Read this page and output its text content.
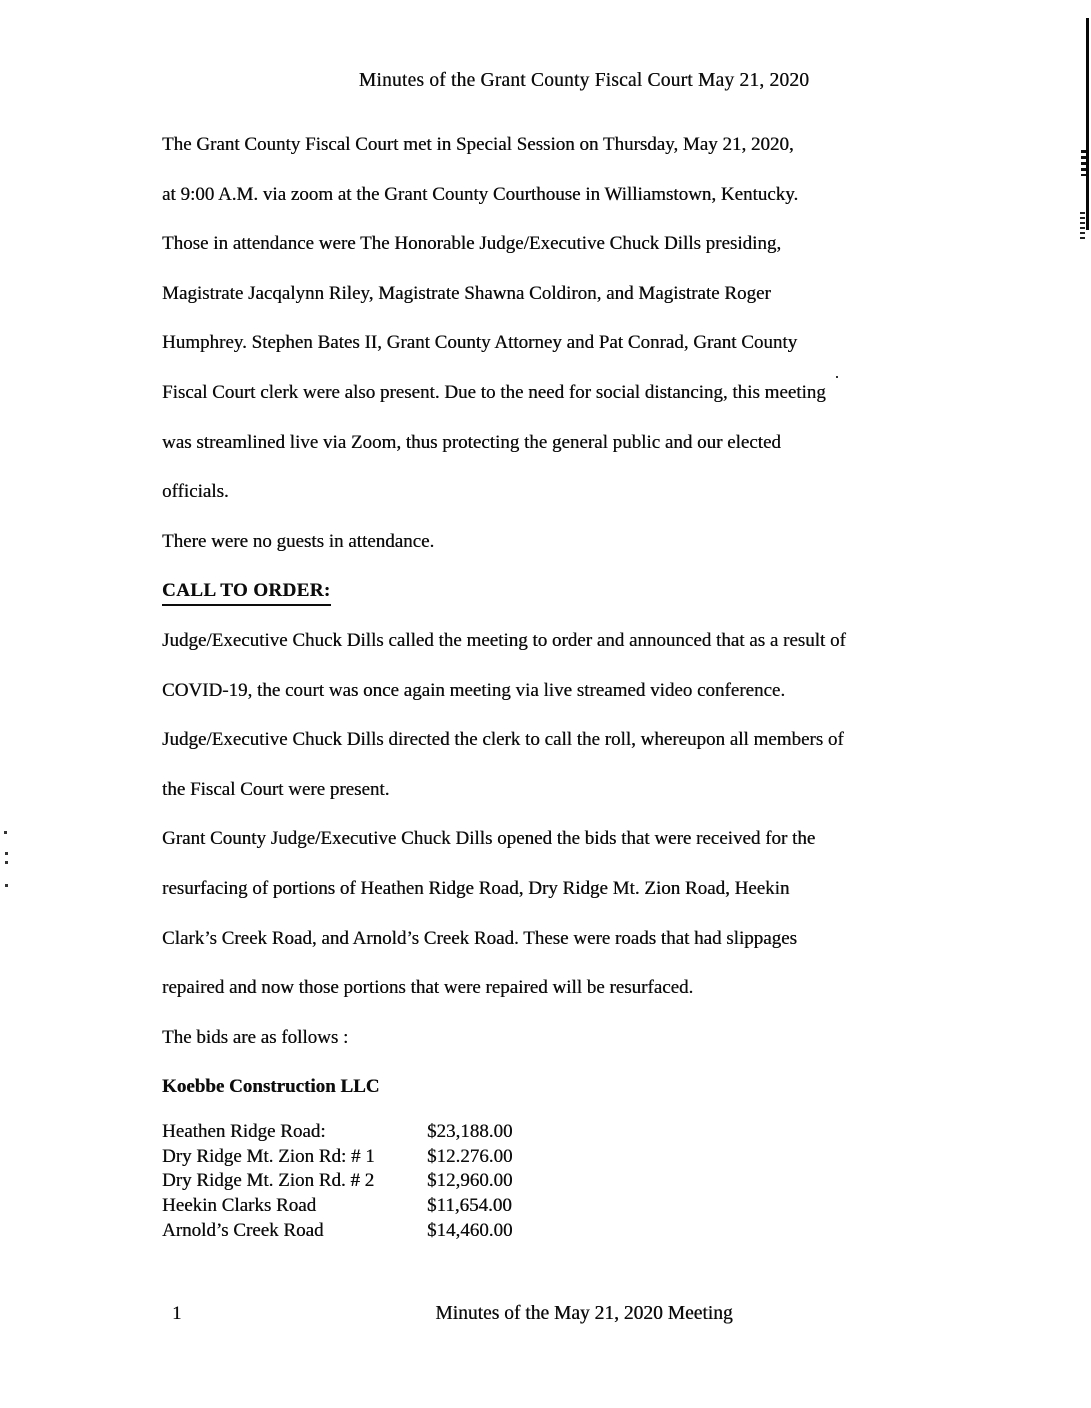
Minutes of the Grant County Fiscal Court May 21, 2020
The Grant County Fiscal Court met in Special Session on Thursday, May 21, 2020,
at 9:00 A.M. via zoom at the Grant County Courthouse in Williamstown, Kentucky.
Those in attendance were The Honorable Judge/Executive Chuck Dills presiding,
Magistrate Jacqalynn Riley, Magistrate Shawna Coldiron, and Magistrate Roger
Humphrey. Stephen Bates II, Grant County Attorney and Pat Conrad, Grant County
Fiscal Court clerk were also present. Due to the need for social distancing, this meeting
was streamlined live via Zoom, thus protecting the general public and our elected
officials.
There were no guests in attendance.
CALL TO ORDER:
Judge/Executive Chuck Dills called the meeting to order and announced that as a result of
COVID-19, the court was once again meeting via live streamed video conference.
Judge/Executive Chuck Dills directed the clerk to call the roll, whereupon all members of
the Fiscal Court were present.
Grant County Judge/Executive Chuck Dills opened the bids that were received for the
resurfacing of portions of Heathen Ridge Road, Dry Ridge Mt. Zion Road, Heekin
Clark’s Creek Road, and Arnold’s Creek Road. These were roads that had slippages
repaired and now those portions that were repaired will be resurfaced.
The bids are as follows :
Koebbe Construction LLC
Heathen Ridge Road:	$23,188.00
Dry Ridge Mt. Zion Rd: # 1	$12.276.00
Dry Ridge Mt. Zion Rd. # 2	$12,960.00
Heekin Clarks Road	$11,654.00
Arnold’s Creek Road	$14,460.00
1	Minutes of the May 21, 2020 Meeting
